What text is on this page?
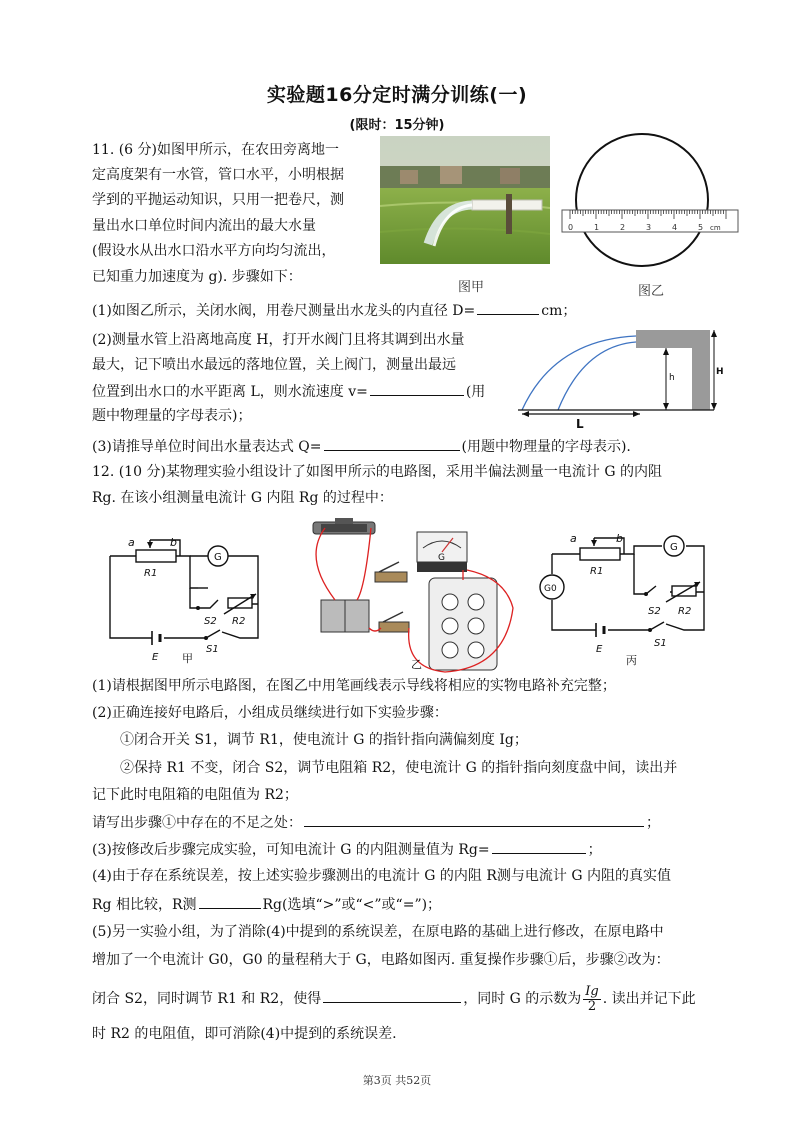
实验题16分定时满分训练(一)
(限时：15分钟)
11. (6 分)如图甲所示，在农田旁离地一
定高度架有一水管，管口水平，小明根据
学到的平抛运动知识，只用一把卷尺，测
量出水口单位时间内流出的最大水量
(假设水从出水口沿水平方向均匀流出，
已知重力加速度为 g). 步骤如下：
图甲
0	1	2	3	4	5 cm
图乙
(1)如图乙所示，关闭水阀，用卷尺测量出水龙头的内直径 D=	cm；
(2)测量水管上沿离地高度 H，打开水阀门且将其调到出水量
最大，记下喷出水最远的落地位置，关上阀门，测量出最远
位置到出水口的水平距离 L，则水流速度 v=	(用
题中物理量的字母表示)；
h
H
L
(3)请推导单位时间出水量表达式 Q=	(用题中物理量的字母表示).
12. (10 分)某物理实验小组设计了如图甲所示的电路图，采用半偏法测量一电流计 G 的内阻
Rg. 在该小组测量电流计 G 内阻 Rg 的过程中：
G
a	b
R1
S2 R2
E
S1
甲
G
乙
G
G0
a	b
R1
S2 R2
E
S1
丙
(1)请根据图甲所示电路图，在图乙中用笔画线表示导线将相应的实物电路补充完整；
(2)正确连接好电路后，小组成员继续进行如下实验步骤：
①闭合开关 S1，调节 R1，使电流计 G 的指针指向满偏刻度 Ig；
②保持 R1 不变，闭合 S2，调节电阻箱 R2，使电流计 G 的指针指向刻度盘中间，读出并
记下此时电阻箱的电阻值为 R2；
请写出步骤①中存在的不足之处：	；
(3)按修改后步骤完成实验，可知电流计 G 的内阻测量值为 Rg=	；
(4)由于存在系统误差，按上述实验步骤测出的电流计 G 的内阻 R测与电流计 G 内阻的真实值
Rg 相比较，R测	Rg(选填“>”或“<”或“=”)；
(5)另一实验小组，为了消除(4)中提到的系统误差，在原电路的基础上进行修改，在原电路中
增加了一个电流计 G0，G0 的量程稍大于 G，电路如图丙. 重复操作步骤①后，步骤②改为：
闭合 S2，同时调节 R1 和 R2，使得	，同时 G 的示数为 $\frac{Ig}{2}$ . 读出并记下此
时 R2 的电阻值，即可消除(4)中提到的系统误差.
第3页 共52页
